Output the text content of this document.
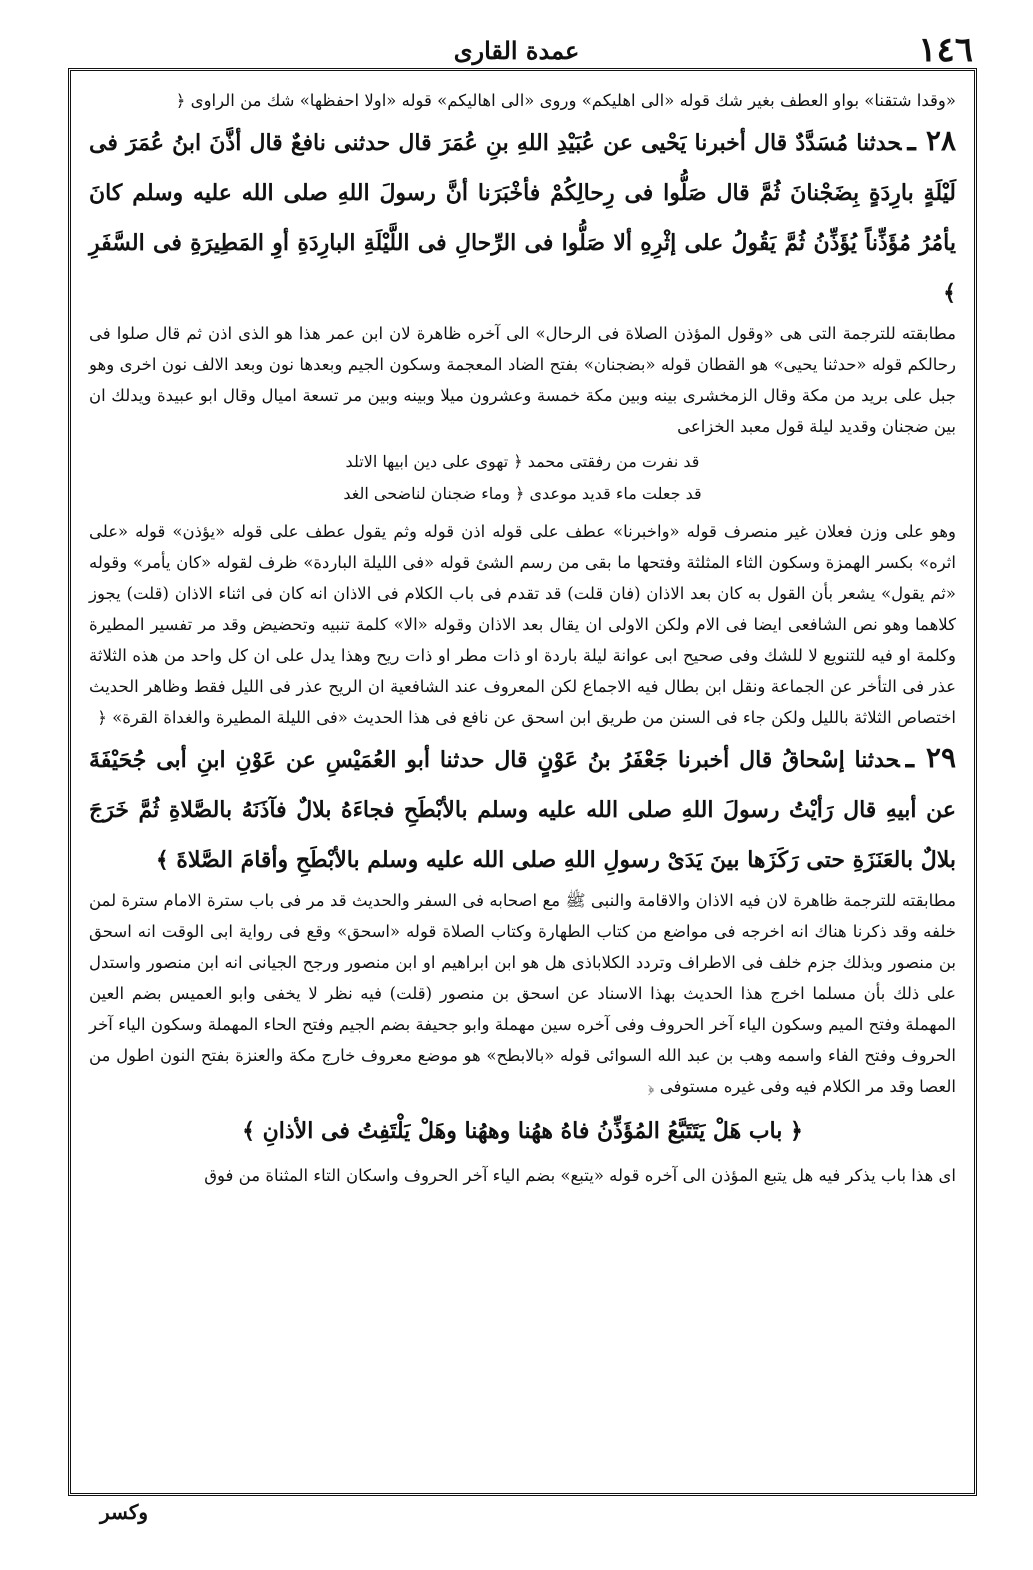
عمدة القارى	١٤٦

«وقدا شتقنا» بواو العطف بغير شك قوله «الى اهليكم» وروى «الى اهاليكم» قوله «اولا احفظها» شك من الراوى ﴿

٢٨ ـحدثنا مُسَدَّدٌ قال أخبرنا يَحْيى عن عُبَيْدِ اللهِ بنِ عُمَرَ قال حدثنى نافعٌ قال أذَّنَ ابنُ عُمَرَ فى لَيْلَةٍ بارِدَةٍ بِضَجْنانَ ثُمَّ قال صَلُّوا فى رِحالِكُمْ فأخْبَرَنا أنَّ رسولَ اللهِ صلى الله عليه وسلم كانَ يأمُرُ مُؤَذِّناً يُؤَذِّنُ ثُمَّ يَقُولُ على إثْرِهِ ألا صَلُّوا فى الرِّحالِ فى اللَّيْلَةِ البارِدَةِ أوِ المَطِيرَةِ فى السَّفَرِ ﴾

مطابقته للترجمة التى هى «وقول المؤذن الصلاة فى الرحال» الى آخره ظاهرة لان ابن عمر هذا هو الذى اذن ثم قال صلوا فى رحالكم قوله «حدثنا يحيى» هو القطان قوله «بضجنان» بفتح الضاد المعجمة وسكون الجيم وبعدها نون وبعد الالف نون اخرى وهو جبل على بريد من مكة وقال الزمخشرى بينه وبين مكة خمسة وعشرون ميلا وبينه وبين مر تسعة اميال وقال ابو عبيدة ويدلك ان بين ضجنان وقديد ليلة قول معبد الخزاعى

قد نفرت من رفقتى محمد ﴿ تهوى على دين ابيها الاتلد
قد جعلت ماء قديد موعدى ﴿ وماء ضجنان لناضحى الغد

وهو على وزن فعلان غير منصرف قوله «واخبرنا» عطف على قوله اذن قوله وثم يقول عطف على قوله «يؤذن» قوله «على اثره» بكسر الهمزة وسكون الثاء المثلثة وفتحها ما بقى من رسم الشئ قوله «فى الليلة الباردة» ظرف لقوله «كان يأمر» وقوله «ثم يقول» يشعر بأن القول به كان بعد الاذان (فان قلت) قد تقدم فى باب الكلام فى الاذان انه كان فى اثناء الاذان (قلت) يجوز كلاهما وهو نص الشافعى ايضا فى الام ولكن الاولى ان يقال بعد الاذان وقوله «الا» كلمة تنبيه وتحضيض وقد مر تفسير المطيرة وكلمة او فيه للتنويع لا للشك وفى صحيح ابى عوانة ليلة باردة او ذات مطر او ذات ريح وهذا يدل على ان كل واحد من هذه الثلاثة عذر فى التأخر عن الجماعة ونقل ابن بطال فيه الاجماع لكن المعروف عند الشافعية ان الريح عذر فى الليل فقط وظاهر الحديث اختصاص الثلاثة بالليل ولكن جاء فى السنن من طريق ابن اسحق عن نافع فى هذا الحديث «فى الليلة المطيرة والغداة القرة» ﴿

٢٩ ـحدثنا إسْحاقُ قال أخبرنا جَعْفَرُ بنُ عَوْنٍ قال حدثنا أبو العُمَيْسِ عن عَوْنِ ابنِ أبى جُحَيْفَةَ عن أبيهِ قال رَأيْتُ رسولَ اللهِ صلى الله عليه وسلم بالأبْطَحِ فجاءَهُ بلالٌ فآذَنَهُ بالصَّلاةِ ثُمَّ خَرَجَ بلالٌ بالعَنَزَةِ حتى رَكَزَها بينَ يَدَىْ رسولِ اللهِ صلى الله عليه وسلم بالأبْطَحِ وأقامَ الصَّلاةَ ﴾

مطابقته للترجمة ظاهرة لان فيه الاذان والاقامة والنبى ﷺ مع اصحابه فى السفر والحديث قد مر فى باب سترة الامام سترة لمن خلفه وقد ذكرنا هناك انه اخرجه فى مواضع من كتاب الطهارة وكتاب الصلاة قوله «اسحق» وقع فى رواية ابى الوقت انه اسحق بن منصور وبذلك جزم خلف فى الاطراف وتردد الكلاباذى هل هو ابن ابراهيم او ابن منصور ورجح الجيانى انه ابن منصور واستدل على ذلك بأن مسلما اخرج هذا الحديث بهذا الاسناد عن اسحق بن منصور (قلت) فيه نظر لا يخفى وابو العميس بضم العين المهملة وفتح الميم وسكون الياء آخر الحروف وفى آخره سين مهملة وابو جحيفة بضم الجيم وفتح الحاء المهملة وسكون الياء آخر الحروف وفتح الفاء واسمه وهب بن عبد الله السوائى قوله «بالابطح» هو موضع معروف خارج مكة والعنزة بفتح النون اطول من العصا وقد مر الكلام فيه وفى غيره مستوفى ﴿

﴿ باب هَلْ يَتَتَبَّعُ المُؤَذِّنُ فاهُ ههُنا وههُنا وهَلْ يَلْتَفِتُ فى الأذانِ ﴾

اى هذا باب يذكر فيه هل يتبع المؤذن الى آخره قوله «يتبع» بضم الياء آخر الحروف واسكان التاء المثناة من فوق

وكسر
